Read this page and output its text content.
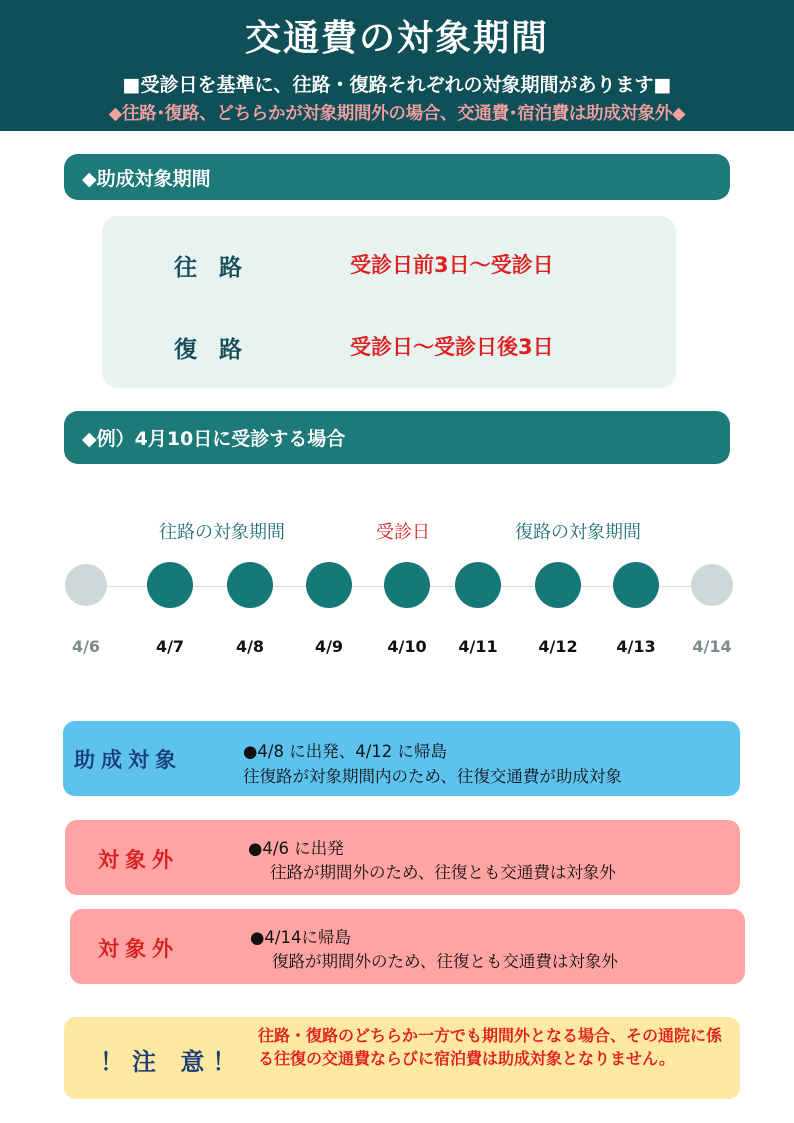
交通費の対象期間
■受診日を基準に、往路・復路それぞれの対象期間があります■
◆往路･復路、どちらかが対象期間外の場合、交通費･宿泊費は助成対象外◆
◆助成対象期間
往路	受診日前3日～受診日
復路	受診日～受診日後3日
◆例）4月10日に受診する場合
往路の対象期間	受診日	復路の対象期間
4/6	4/7	4/8	4/9	4/10	4/11	4/12	4/13	4/14
助成対象	●4/8 に出発、4/12 に帰島
往復路が対象期間内のため、往復交通費が助成対象
対象外	●4/6 に出発
往路が期間外のため、往復とも交通費は対象外
対象外	●4/14に帰島
復路が期間外のため、往復とも交通費は対象外
！注 意！
往路・復路のどちらか一方でも期間外となる場合、その通院に係る往復の交通費ならびに宿泊費は助成対象となりません。
